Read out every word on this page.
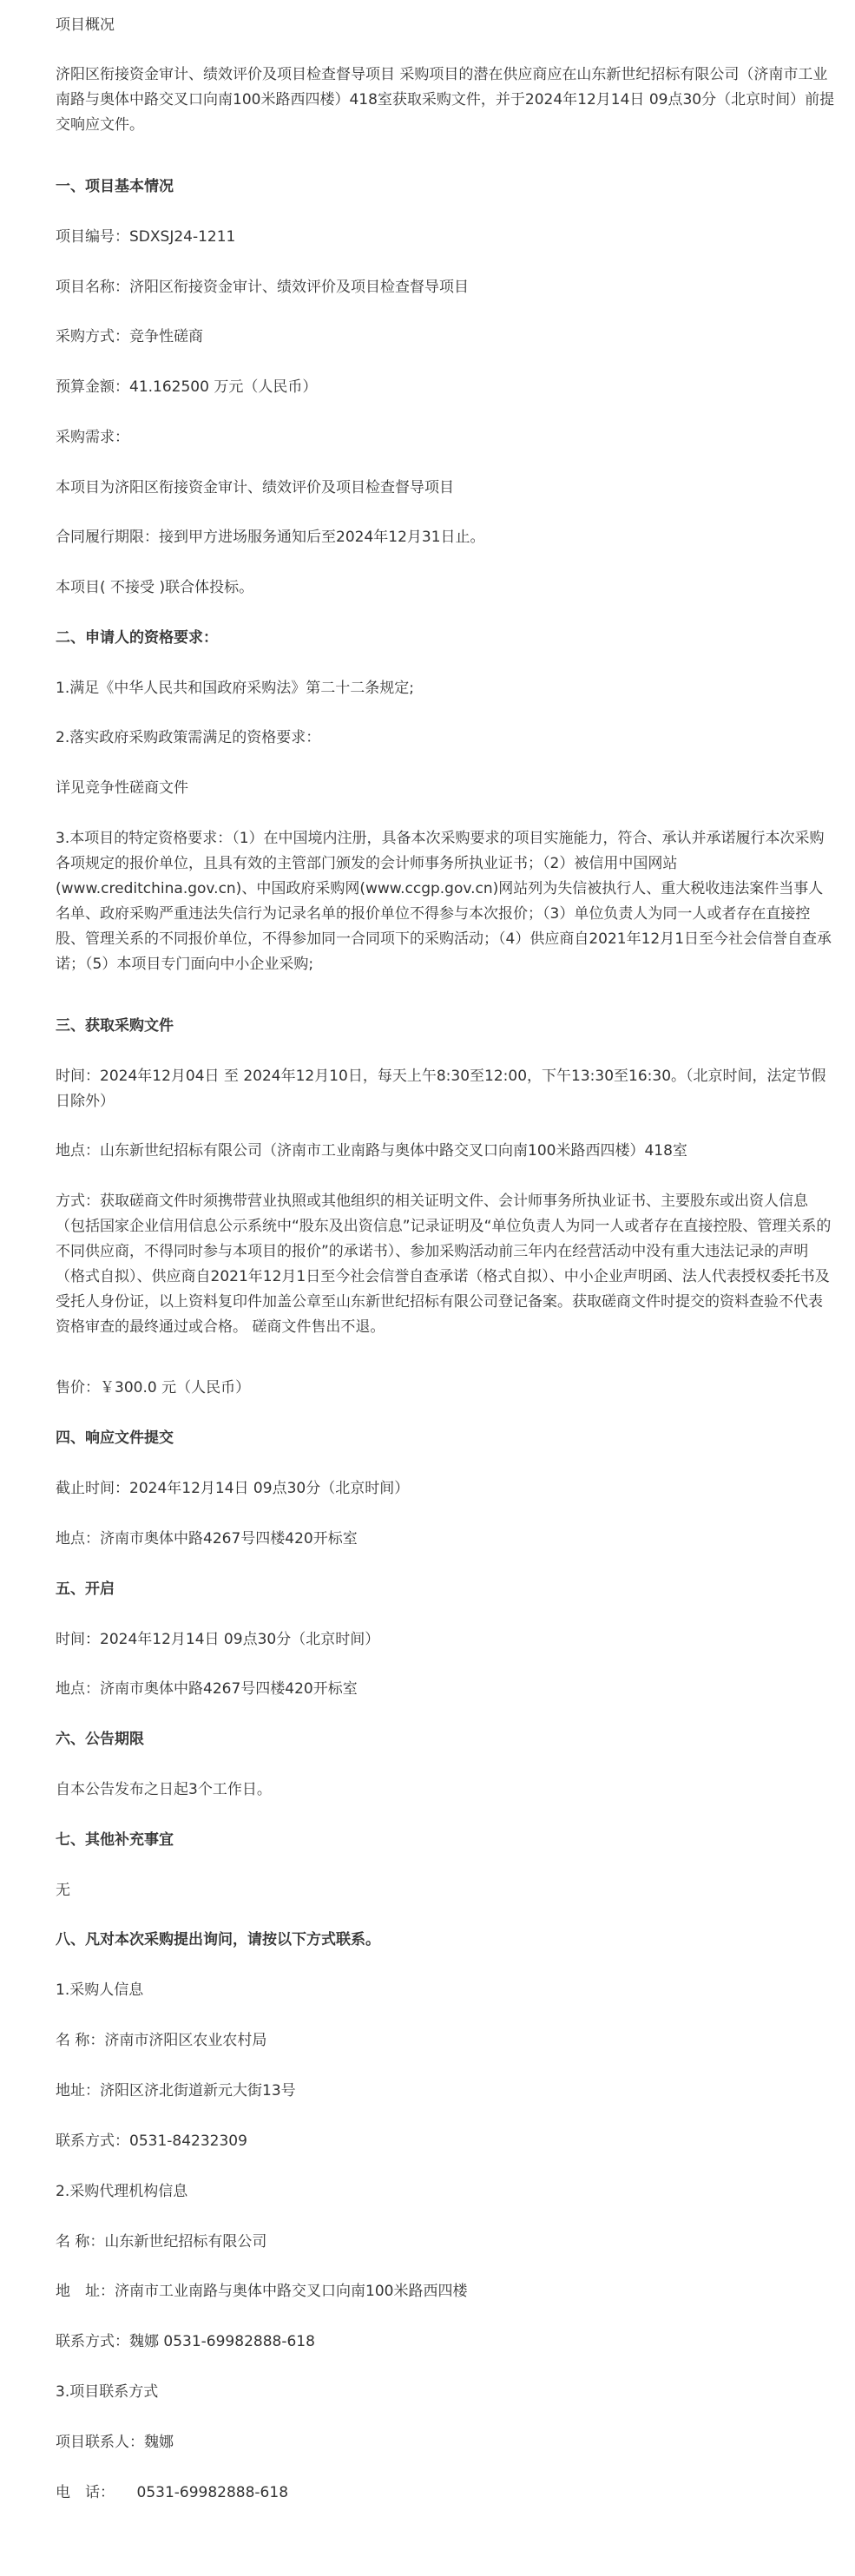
项目概况

济阳区衔接资金审计、绩效评价及项目检查督导项目 采购项目的潜在供应商应在山东新世纪招标有限公司（济南市工业南路与奥体中路交叉口向南100米路西四楼）418室获取采购文件，并于2024年12月14日 09点30分（北京时间）前提交响应文件。

一、项目基本情况

项目编号：SDXSJ24-1211

项目名称：济阳区衔接资金审计、绩效评价及项目检查督导项目

采购方式：竞争性磋商

预算金额：41.162500 万元（人民币）

采购需求：

本项目为济阳区衔接资金审计、绩效评价及项目检查督导项目

合同履行期限：接到甲方进场服务通知后至2024年12月31日止。

本项目( 不接受 )联合体投标。

二、申请人的资格要求：

1.满足《中华人民共和国政府采购法》第二十二条规定;

2.落实政府采购政策需满足的资格要求：

详见竞争性磋商文件

3.本项目的特定资格要求：（1）在中国境内注册，具备本次采购要求的项目实施能力，符合、承认并承诺履行本次采购各项规定的报价单位，且具有效的主管部门颁发的会计师事务所执业证书；（2）被信用中国网站(www.creditchina.gov.cn)、中国政府采购网(www.ccgp.gov.cn)网站列为失信被执行人、重大税收违法案件当事人名单、政府采购严重违法失信行为记录名单的报价单位不得参与本次报价；（3）单位负责人为同一人或者存在直接控股、管理关系的不同报价单位，不得参加同一合同项下的采购活动；（4）供应商自2021年12月1日至今社会信誉自查承诺；（5）本项目专门面向中小企业采购;

三、获取采购文件

时间：2024年12月04日 至 2024年12月10日，每天上午8:30至12:00，下午13:30至16:30。（北京时间，法定节假日除外）

地点：山东新世纪招标有限公司（济南市工业南路与奥体中路交叉口向南100米路西四楼）418室

方式：获取磋商文件时须携带营业执照或其他组织的相关证明文件、会计师事务所执业证书、主要股东或出资人信息（包括国家企业信用信息公示系统中“股东及出资信息”记录证明及“单位负责人为同一人或者存在直接控股、管理关系的不同供应商，不得同时参与本项目的报价”的承诺书）、参加采购活动前三年内在经营活动中没有重大违法记录的声明（格式自拟）、供应商自2021年12月1日至今社会信誉自查承诺（格式自拟）、中小企业声明函、法人代表授权委托书及受托人身份证，以上资料复印件加盖公章至山东新世纪招标有限公司登记备案。获取磋商文件时提交的资料查验不代表资格审查的最终通过或合格。 磋商文件售出不退。

售价：￥300.0 元（人民币）

四、响应文件提交

截止时间：2024年12月14日 09点30分（北京时间）

地点：济南市奥体中路4267号四楼420开标室

五、开启

时间：2024年12月14日 09点30分（北京时间）

地点：济南市奥体中路4267号四楼420开标室

六、公告期限

自本公告发布之日起3个工作日。

七、其他补充事宜

无

八、凡对本次采购提出询问，请按以下方式联系。

1.采购人信息

名 称：济南市济阳区农业农村局

地址：济阳区济北街道新元大街13号

联系方式：0531-84232309

2.采购代理机构信息

名 称：山东新世纪招标有限公司

地　址：济南市工业南路与奥体中路交叉口向南100米路西四楼

联系方式：魏娜 0531-69982888-618

3.项目联系方式

项目联系人：魏娜

电　话：　　0531-69982888-618
